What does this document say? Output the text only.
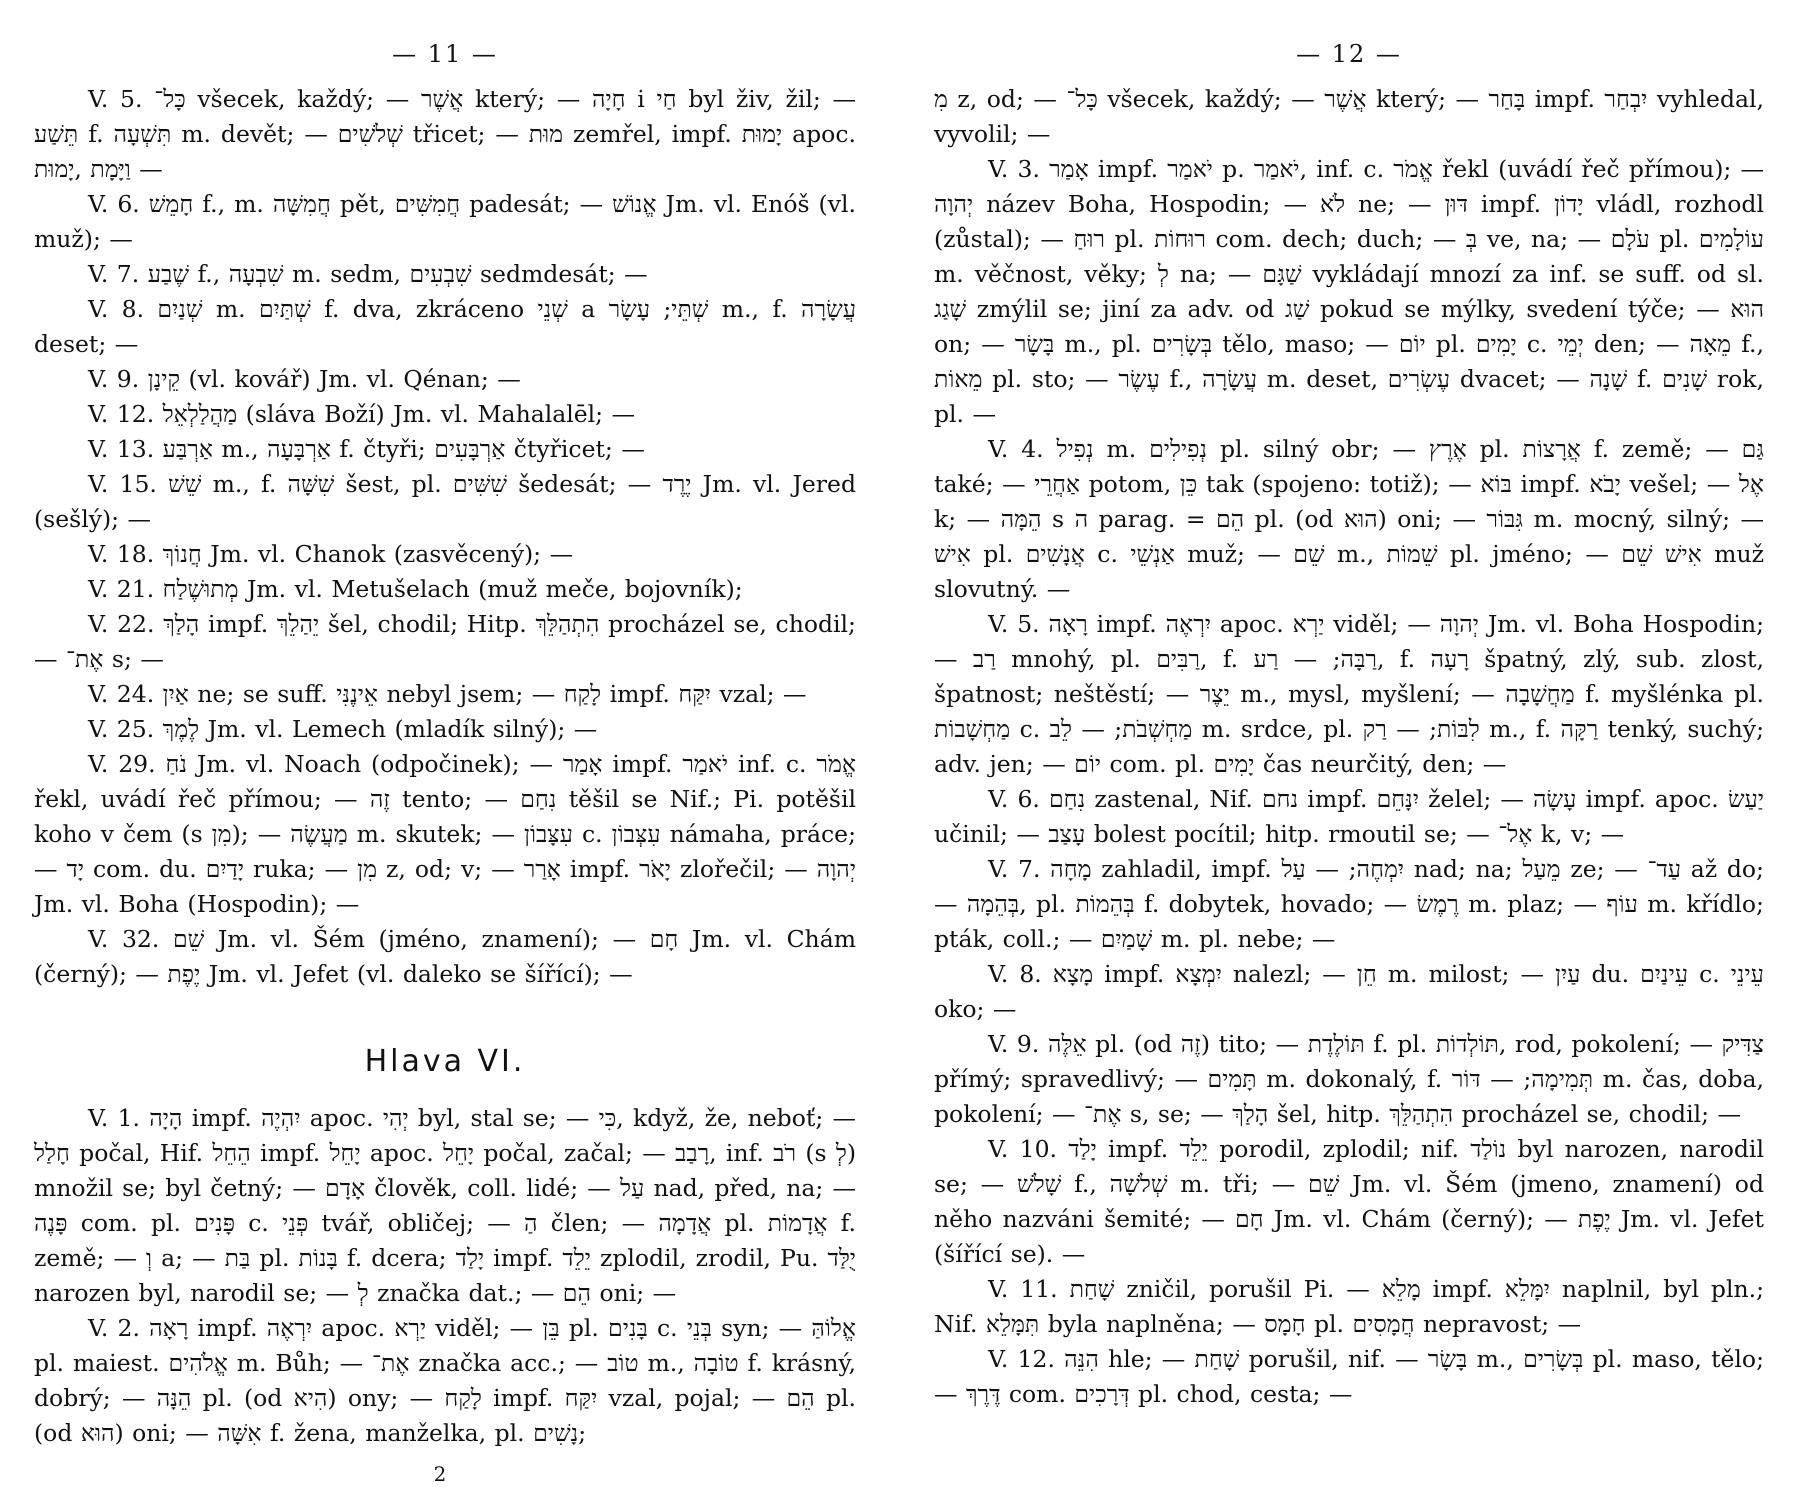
— 11 —

V. 5. כָּל־ všecek, každý; — אֲשֶׁר který; — חָיָה i חַי byl živ, žil; — תֵּשַׁע f. תִּשְׁעָה m. devět; — שְׁלֹשִׁים třicet; — מוּת zemřel, impf. יָמוּת apoc. וַיָּמָת ,יָמוּת —

V. 6. חָמֵשׁ f., m. חֲמִשָּׁה pět, חֲמִשִּׁים padesát; — אֱנוֹשׁ Jm. vl. Enóš (vl. muž); —

V. 7. שֶׁבַע f., שִׁבְעָה m. sedm, שִׁבְעִים sedmdesát; —

V. 8. שְׁנַיִם m. שְׁתַּיִם f. dva, zkráceno שְׁנֵי a שְׁתֵּי; עָשָׂר m., f. עֲשָׂרָה deset; —

V. 9. קֵינָן (vl. kovář) Jm. vl. Qénan; —

V. 12. מַהֲלַלְאֵל (sláva Boží) Jm. vl. Mahalalēl; —

V. 13. אַרְבַּע m., אַרְבָּעָה f. čtyři; אַרְבָּעִים čtyřicet; —

V. 15. שֵׁשׁ m., f. שִׁשָּׁה šest, pl. שִׁשִּׁים šedesát; — יֶרֶד Jm. vl. Jered (sešlý); —

V. 18. חֲנוֹךְ Jm. vl. Chanok (zasvěcený); —

V. 21. מְתוּשֶׁלַח Jm. vl. Metušelach (muž meče, bojovník);

V. 22. הָלַךְ impf. יֵהַלֵךְ šel, chodil; Hitp. הִתְהַלֵּךְ procházel se, chodil; — אֶת־ s; —

V. 24. אַיִן ne; se suff. אֵינֶנִּי nebyl jsem; — לָקַח impf. יִקַּח vzal; —

V. 25. לֶמֶךְ Jm. vl. Lemech (mladík silný); —

V. 29. נֹחַ Jm. vl. Noach (odpočinek); — אָמַר impf. יֹאמַר inf. c. אֱמֹר řekl, uvádí řeč přímou; — זֶה tento; — נִחַם těšil se Nif.; Pi. potěšil koho v čem (s מִן); — מַעֲשֶׂה m. skutek; — עִצָּבוֹן c. עִצְּבוֹן námaha, práce; — יָד com. du. יָדַיִם ruka; — מִן z, od; v; — אָרַר impf. יָאֹר zlořečil; — יְהוָה Jm. vl. Boha (Hospodin); —

V. 32. שֵׁם Jm. vl. Šém (jméno, znamení); — חָם Jm. vl. Chám (černý); — יֶפֶת Jm. vl. Jefet (vl. daleko se šířící); —

Hlava VI.

V. 1. הָיָה impf. יִהְיֶה apoc. יְהִי byl, stal se; — כִּי, když, že, neboť; — חָלַל počal, Hif. הֵחֵל impf. יָחֵל apoc. יָחֵל počal, začal; — רָבַב, inf. רֹב (s לְ) množil se; byl četný; — אָדָם člověk, coll. lidé; — עַל nad, před, na; — פָּנֶה com. pl. פָּנִים c. פְּנֵי tvář, obličej; — הַ člen; — אֲדָמָה pl. אֲדָמוֹת f. země; — וְ a; — בַּת pl. בָּנוֹת f. dcera; יָלַד impf. יֵלֵד zplodil, zrodil, Pu. יֻלַּד narozen byl, narodil se; — לְ značka dat.; — הֵם oni; —

V. 2. רָאָה impf. יִרְאֶה apoc. יַרְא viděl; — בֵּן pl. בָּנִים c. בְּנֵי syn; — אֱלוֹהַּ pl. maiest. אֱלֹהִים m. Bůh; — אֶת־ značka acc.; — טוֹב m., טוֹבָה f. krásný, dobrý; — הֵנָּה pl. (od הִיא) ony; — לָקַח impf. יִקַּח vzal, pojal; — הֵם pl. (od הוּא) oni; — אִשָּׁה f. žena, manželka, pl. נָשִׁים;

2
— 12 —

מִ z, od; — כָּל־ všecek, každý; — אֲשֶׁר který; — בָּחַר impf. יִבְחַר vyhledal, vyvolil; —

V. 3. אָמַר impf. יֹאמַר p. יֹאמַר, inf. c. אֱמֹר řekl (uvádí řeč přímou); — יְהוָה název Boha, Hospodin; — לֹא ne; — דּוּן impf. יָדוֹן vládl, rozhodl (zůstal); — רוּחַ pl. רוּחוֹת com. dech; duch; — בְּ ve, na; — עֹלָם pl. עוֹלָמִים m. věčnost, věky; לְ na; — שַׁגָּם vykládají mnozí za inf. se suff. od sl. שָׁגַג zmýlil se; jiní za adv. od שַׁג pokud se mýlky, svedení týče; — הוּא on; — בָּשָׂר m., pl. בְּשָׂרִים tělo, maso; — יוֹם pl. יָמִים c. יְמֵי den; — מֵאָה f., מֵאוֹת pl. sto; — עֶשֶׂר f., עֲשָׂרָה m. deset, עֶשְׂרִים dvacet; — שָׁנָה f. שָׁנִים rok, pl. —

V. 4. נְפִיל m. נְפִילִים pl. silný obr; — אֶרֶץ pl. אֲרָצוֹת f. země; — גַּם také; — אַחֲרֵי potom, כֵּן tak (spojeno: totiž); — בּוֹא impf. יָבֹא vešel; — אֶל k; — הֵמָּה s ה parag. = הֵם pl. (od הוּא) oni; — גִּבּוֹר m. mocný, silný; — אִישׁ pl. אֲנָשִׁים c. אַנְשֵׁי muž; — שֵׁם m., שֵׁמוֹת pl. jméno; — אִישׁ שֵׁם muž slovutný. —

V. 5. רָאָה impf. יִרְאֶה apoc. יַרְא viděl; — יְהוָה Jm. vl. Boha Hospodin; — רַב mnohý, pl. רַבִּים, f. רַבָּה; — רַע, f. רָעָה špatný, zlý, sub. zlost, špatnost; neštěstí; — יֵצֶר m., mysl, myšlení; — מַחֲשָׁבָה f. myšlénka pl. מַחְשָׁבוֹת c. מַחְשְׁבֹת; — לֵב m. srdce, pl. לִבּוֹת; — רַק m., f. רַקָּה tenký, suchý; adv. jen; — יוֹם com. pl. יָמִים čas neurčitý, den; —

V. 6. נִחַם zastenal, Nif. נחם impf. יִנָּחֵם želel; — עָשָׂה impf. apoc. יַעַשׂ učinil; — עָצַב bolest pocítil; hitp. rmoutil se; — אֶל־ k, v; —

V. 7. מָחָה zahladil, impf. יִמְחֶה; — עַל nad; na; מֵעַל ze; — עַד־ až do; — בְּהֵמָה, pl. בְּהֵמוֹת f. dobytek, hovado; — רֶמֶשׂ m. plaz; — עוֹף m. křídlo; pták, coll.; — שָׁמַיִם m. pl. nebe; —

V. 8. מָצָא impf. יִמְצָא nalezl; — חֵן m. milost; — עַיִן du. עֵינַיִם c. עֵינֵי oko; —

V. 9. אֵלֶּה pl. (od זֶה) tito; — תּוֹלֶדֶת f. pl. תּוֹלְדוֹת, rod, pokolení; — צַדִּיק přímý; spravedlivý; — תָּמִים m. dokonalý, f. תְּמִימָה; — דּוֹר m. čas, doba, pokolení; — אֶת־ s, se; — הָלַךְ šel, hitp. הִתְהַלֵּךְ procházel se, chodil; —

V. 10. יָלַד impf. יֵלֵד porodil, zplodil; nif. נוֹלַד byl narozen, narodil se; — שָׁלֹשׁ f., שְׁלֹשָׁה m. tři; — שֵׁם Jm. vl. Šém (jmeno, znamení) od něho nazváni šemité; — חָם Jm. vl. Chám (černý); — יֶפֶת Jm. vl. Jefet (šířící se). —

V. 11. שָׁחַת zničil, porušil Pi. — מָלֵא impf. יִמָּלֵא naplnil, byl pln.; Nif. תִּמָּלֵא byla naplněna; — חָמָס pl. חֲמָסִים nepravost; —

V. 12. הִנֵּה hle; — שָׁחַת porušil, nif. — בָּשָׂר m., בְּשָׂרִים pl. maso, tělo; — דֶּרֶךְ com. דְּרָכִים pl. chod, cesta; —
